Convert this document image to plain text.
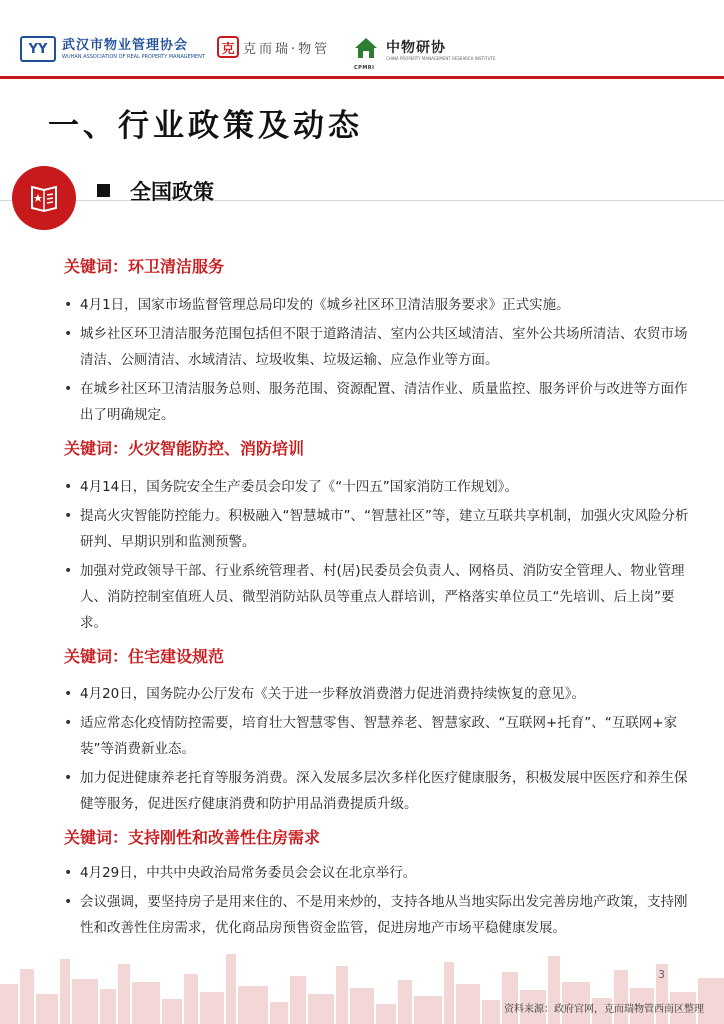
YY	武汉市物业管理协会
WUHAN ASSOCIATION OF REAL PROPERTY MANAGEMENT	克 克而瑞·物管
CPMRI
中物研协
CHINA PROPERTY MANAGEMENT RESEARCH INSTITUTE
一、行业政策及动态
全国政策
关键词：环卫清洁服务
• 4月1日，国家市场监督管理总局印发的《城乡社区环卫清洁服务要求》正式实施。
• 城乡社区环卫清洁服务范围包括但不限于道路清洁、室内公共区域清洁、室外公共场所清洁、农贸市场清洁、公厕清洁、水域清洁、垃圾收集、垃圾运输、应急作业等方面。
• 在城乡社区环卫清洁服务总则、服务范围、资源配置、清洁作业、质量监控、服务评价与改进等方面作出了明确规定。
关键词：火灾智能防控、消防培训
• 4月14日，国务院安全生产委员会印发了《“十四五”国家消防工作规划》。
• 提高火灾智能防控能力。积极融入“智慧城市”、“智慧社区”等，建立互联共享机制，加强火灾风险分析研判、早期识别和监测预警。
• 加强对党政领导干部、行业系统管理者、村(居)民委员会负责人、网格员、消防安全管理人、物业管理人、消防控制室值班人员、微型消防站队员等重点人群培训，严格落实单位员工“先培训、后上岗”要求。
关键词：住宅建设规范
• 4月20日，国务院办公厅发布《关于进一步释放消费潜力促进消费持续恢复的意见》。
• 适应常态化疫情防控需要，培育壮大智慧零售、智慧养老、智慧家政、“互联网+托育”、“互联网+家装”等消费新业态。
• 加力促进健康养老托育等服务消费。深入发展多层次多样化医疗健康服务，积极发展中医医疗和养生保健等服务，促进医疗健康消费和防护用品消费提质升级。
关键词：支持刚性和改善性住房需求
• 4月29日，中共中央政治局常务委员会会议在北京举行。
• 会议强调，要坚持房子是用来住的、不是用来炒的，支持各地从当地实际出发完善房地产政策，支持刚性和改善性住房需求，优化商品房预售资金监管，促进房地产市场平稳健康发展。
3
资料来源：政府官网，克而瑞物管西南区整理
